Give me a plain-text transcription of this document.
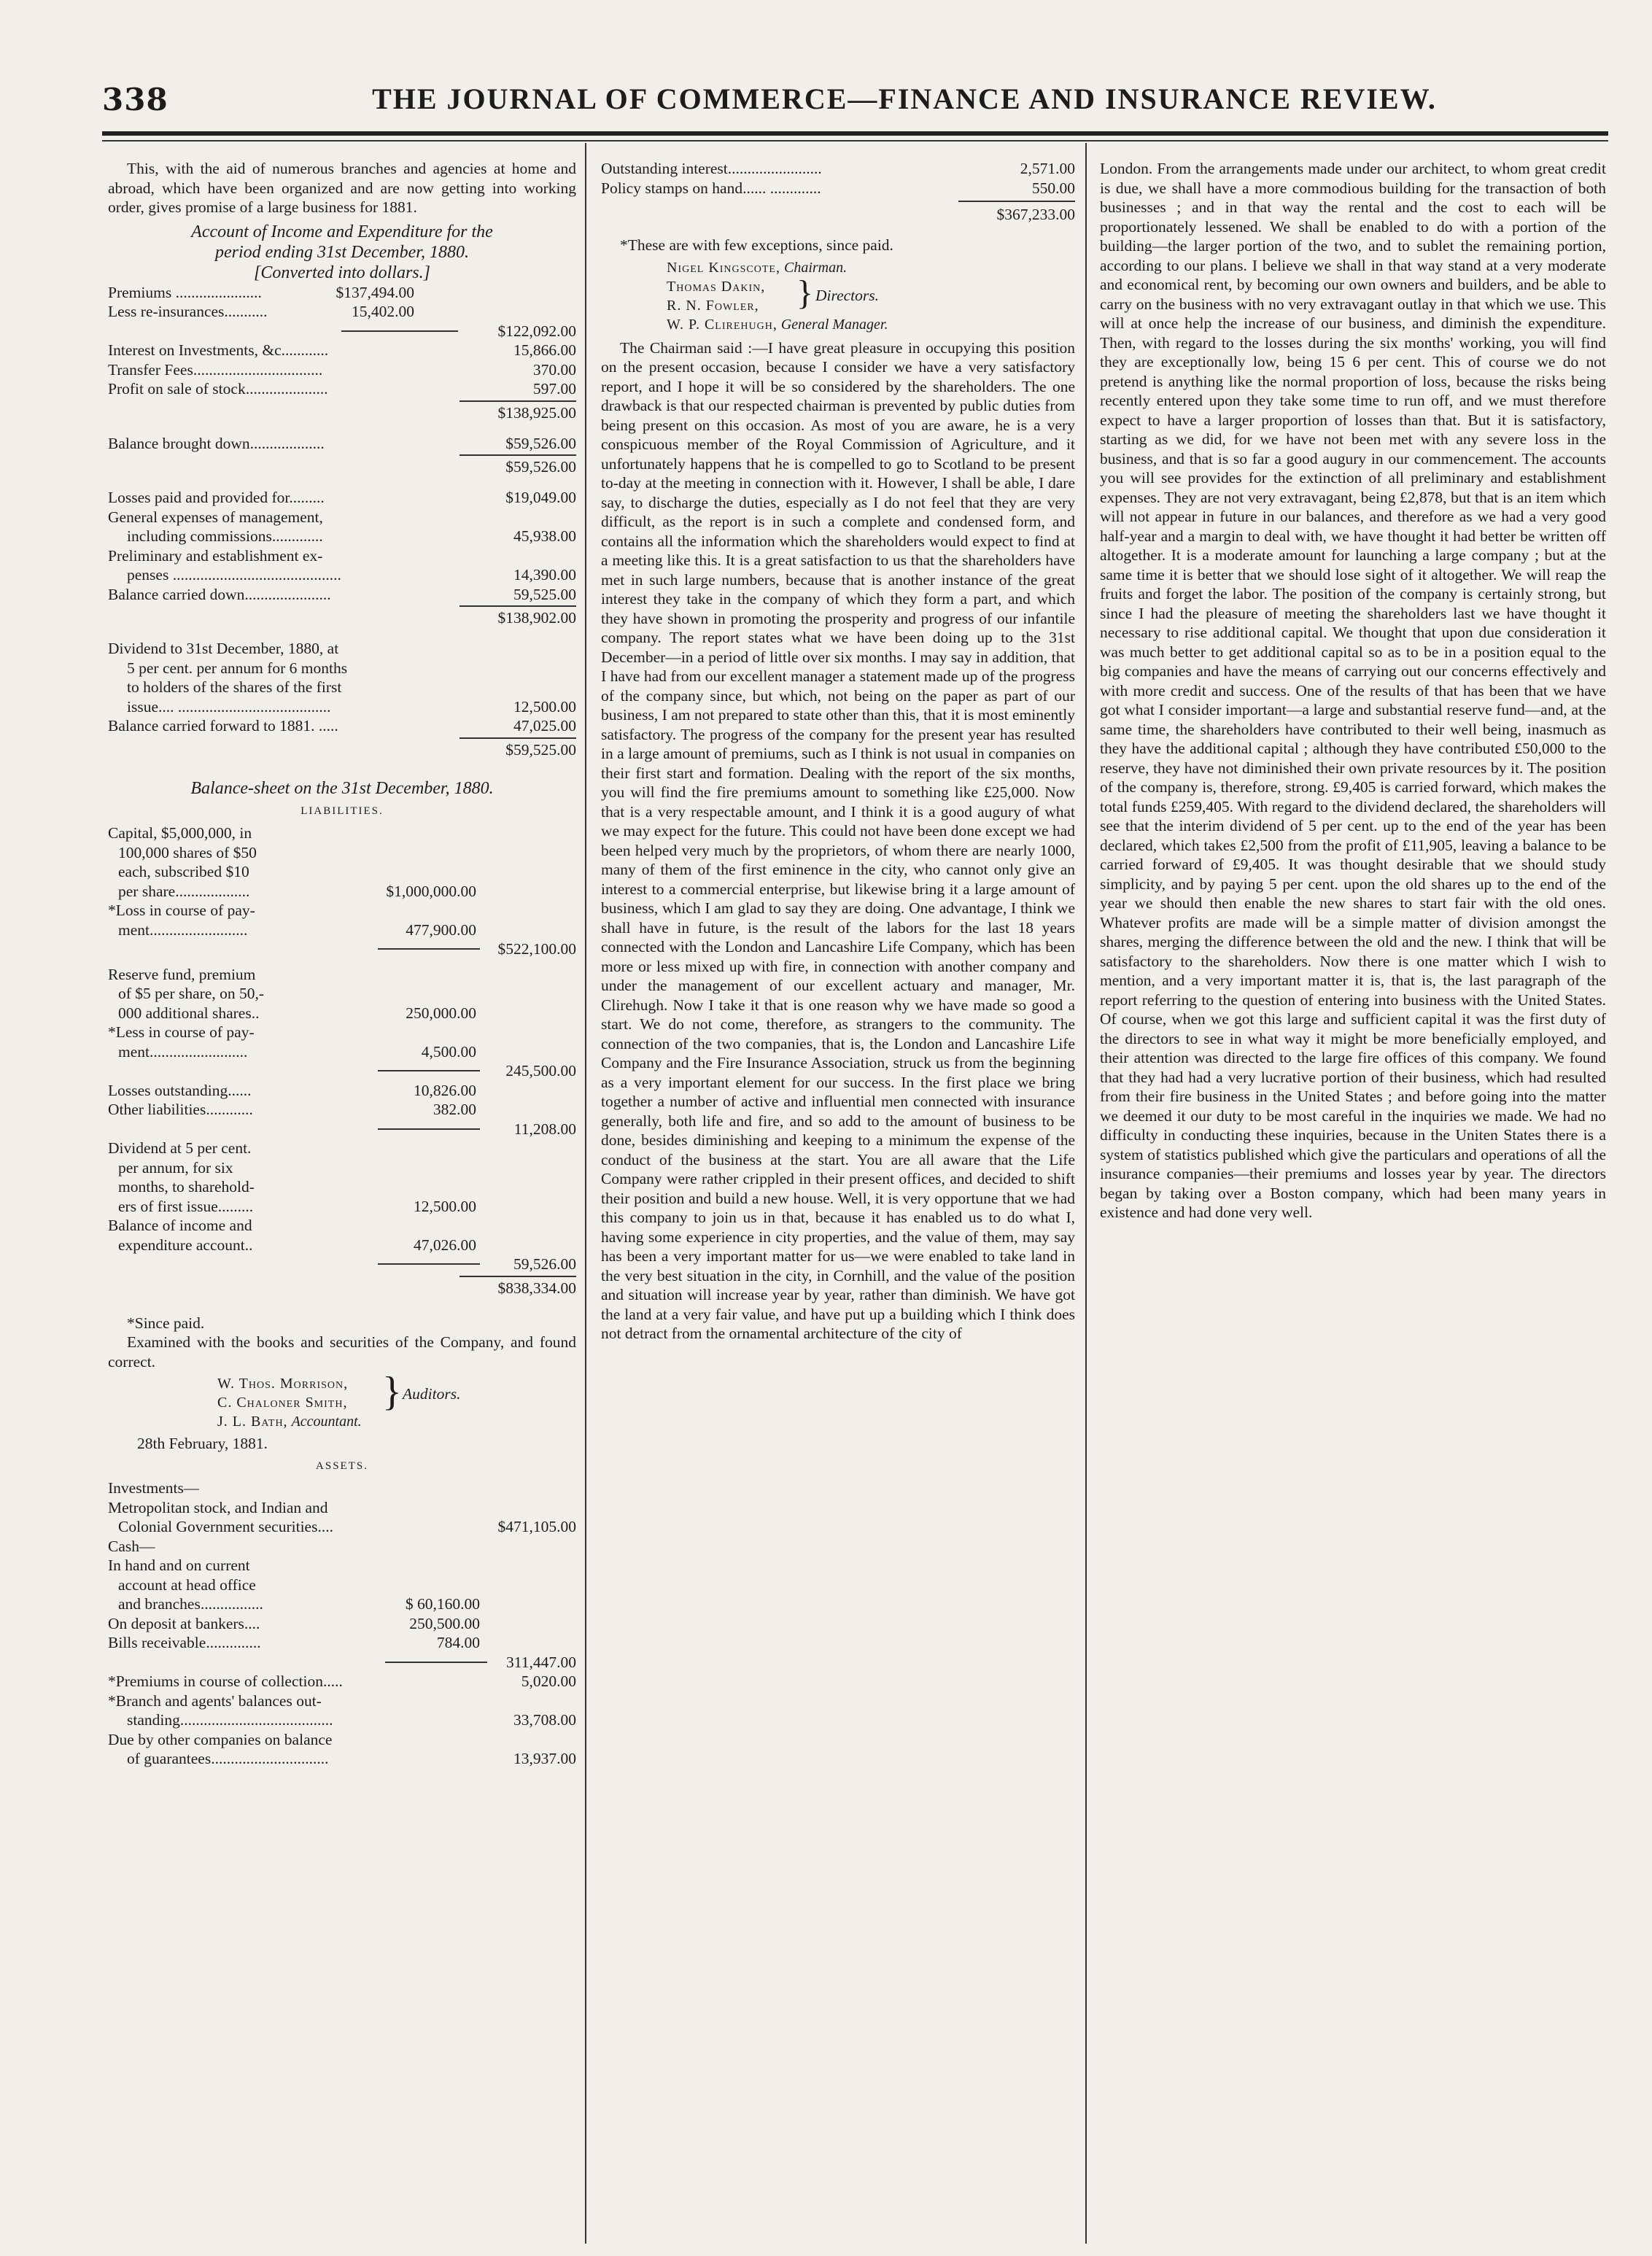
338	THE JOURNAL OF COMMERCE—FINANCE AND INSURANCE REVIEW.

This, with the aid of numerous branches and agencies at home and abroad, which have been organized and are now getting into working order, gives promise of a large business for 1881.

Account of Income and Expenditure for the
period ending 31st December, 1880.
[Converted into dollars.]
Premiums ......................	$137,494.00
Less re-insurances...........	15,402.00
$122,092.00
Interest on Investments, &c............	15,866.00
Transfer Fees.................................	370.00
Profit on sale of stock.....................	597.00
$138,925.00
Balance brought down...................	$59,526.00
$59,526.00
Losses paid and provided for.........	$19,049.00
General expenses of management,
including commissions.............	45,938.00
Preliminary and establishment ex-
penses ...........................................	14,390.00
Balance carried down......................	59,525.00
$138,902.00
Dividend to 31st December, 1880, at
5 per cent. per annum for 6 months
to holders of the shares of the first
issue.... .......................................	12,500.00
Balance carried forward to 1881. .....	47,025.00
$59,525.00
Balance-sheet on the 31st December, 1880.
LIABILITIES.
Capital, $5,000,000, in
100,000 shares of $50
each, subscribed $10
per share...................	$1,000,000.00
*Loss in course of pay-
ment.........................	477,900.00
$522,100.00
Reserve fund, premium
of $5 per share, on 50,-
000 additional shares..	250,000.00
*Less in course of pay-
ment.........................	4,500.00
245,500.00
Losses outstanding......	10,826.00
Other liabilities............	382.00
11,208.00
Dividend at 5 per cent.
per annum, for six
months, to sharehold-
ers of first issue.........	12,500.00
Balance of income and
expenditure account..	47,026.00
59,526.00
$838,334.00

*Since paid.

Examined with the books and securities of the Company, and found correct.

W. Thos. Morrison,
C. Chaloner Smith,
J. L. Bath, Accountant.
} Auditors.

28th February, 1881.

ASSETS.
Investments—
Metropolitan stock, and Indian and
Colonial Government securities....	$471,105.00
Cash—
In hand and on current
account at head office
and branches................	$ 60,160.00
On deposit at bankers....	250,500.00
Bills receivable..............	784.00
311,447.00
*Premiums in course of collection.....	5,020.00
*Branch and agents' balances out-
standing.......................................	33,708.00
Due by other companies on balance
of guarantees..............................	13,937.00
Outstanding interest........................	2,571.00
Policy stamps on hand...... .............	550.00
$367,233.00

*These are with few exceptions, since paid.

Nigel Kingscote, Chairman.
Thomas Dakin,
R. N. Fowler,
W. P. Clirehugh, General Manager.
} Directors.

The Chairman said :—I have great pleasure in occupying this position on the present occasion, because I consider we have a very satisfactory report, and I hope it will be so considered by the shareholders. The one drawback is that our respected chairman is prevented by public duties from being present on this occasion. As most of you are aware, he is a very conspicuous member of the Royal Commission of Agriculture, and it unfortunately happens that he is compelled to go to Scotland to be present to-day at the meeting in connection with it. However, I shall be able, I dare say, to discharge the duties, especially as I do not feel that they are very difficult, as the report is in such a complete and condensed form, and contains all the information which the shareholders would expect to find at a meeting like this. It is a great satisfaction to us that the shareholders have met in such large numbers, because that is another instance of the great interest they take in the company of which they form a part, and which they have shown in promoting the prosperity and progress of our infantile company. The report states what we have been doing up to the 31st December—in a period of little over six months. I may say in addition, that I have had from our excellent manager a statement made up of the progress of the company since, but which, not being on the paper as part of our business, I am not prepared to state other than this, that it is most eminently satisfactory. The progress of the company for the present year has resulted in a large amount of premiums, such as I think is not usual in companies on their first start and formation. Dealing with the report of the six months, you will find the fire premiums amount to something like £25,000. Now that is a very respectable amount, and I think it is a good augury of what we may expect for the future. This could not have been done except we had been helped very much by the proprietors, of whom there are nearly 1000, many of them of the first eminence in the city, who cannot only give an interest to a commercial enterprise, but likewise bring it a large amount of business, which I am glad to say they are doing. One advantage, I think we shall have in future, is the result of the labors for the last 18 years connected with the London and Lancashire Life Company, which has been more or less mixed up with fire, in connection with another company and under the management of our excellent actuary and manager, Mr. Clirehugh. Now I take it that is one reason why we have made so good a start. We do not come, therefore, as strangers to the community. The connection of the two companies, that is, the London and Lancashire Life Company and the Fire Insurance Association, struck us from the beginning as a very important element for our success. In the first place we bring together a number of active and influential men connected with insurance generally, both life and fire, and so add to the amount of business to be done, besides diminishing and keeping to a minimum the expense of the conduct of the business at the start. You are all aware that the Life Company were rather crippled in their present offices, and decided to shift their position and build a new house. Well, it is very opportune that we had this company to join us in that, because it has enabled us to do what I, having some experience in city properties, and the value of them, may say has been a very important matter for us—we were enabled to take land in the very best situation in the city, in Cornhill, and the value of the position and situation will increase year by year, rather than diminish. We have got the land at a very fair value, and have put up a building which I think does not detract from the ornamental architecture of the city of

London. From the arrangements made under our architect, to whom great credit is due, we shall have a more commodious building for the transaction of both businesses ; and in that way the rental and the cost to each will be proportionately lessened. We shall be enabled to do with a portion of the building—the larger portion of the two, and to sublet the remaining portion, according to our plans. I believe we shall in that way stand at a very moderate and economical rent, by becoming our own owners and builders, and be able to carry on the business with no very extravagant outlay in that which we use. This will at once help the increase of our business, and diminish the expenditure. Then, with regard to the losses during the six months' working, you will find they are exceptionally low, being 15 6 per cent. This of course we do not pretend is anything like the normal proportion of loss, because the risks being recently entered upon they take some time to run off, and we must therefore expect to have a larger proportion of losses than that. But it is satisfactory, starting as we did, for we have not been met with any severe loss in the business, and that is so far a good augury in our commencement. The accounts you will see provides for the extinction of all preliminary and establishment expenses. They are not very extravagant, being £2,878, but that is an item which will not appear in future in our balances, and therefore as we had a very good half-year and a margin to deal with, we have thought it had better be written off altogether. It is a moderate amount for launching a large company ; but at the same time it is better that we should lose sight of it altogether. We will reap the fruits and forget the labor. The position of the company is certainly strong, but since I had the pleasure of meeting the shareholders last we have thought it necessary to rise additional capital. We thought that upon due consideration it was much better to get additional capital so as to be in a position equal to the big companies and have the means of carrying out our concerns effectively and with more credit and success. One of the results of that has been that we have got what I consider important—a large and substantial reserve fund—and, at the same time, the shareholders have contributed to their well being, inasmuch as they have the additional capital ; although they have contributed £50,000 to the reserve, they have not diminished their own private resources by it. The position of the company is, therefore, strong. £9,405 is carried forward, which makes the total funds £259,405. With regard to the dividend declared, the shareholders will see that the interim dividend of 5 per cent. up to the end of the year has been declared, which takes £2,500 from the profit of £11,905, leaving a balance to be carried forward of £9,405. It was thought desirable that we should study simplicity, and by paying 5 per cent. upon the old shares up to the end of the year we should then enable the new shares to start fair with the old ones. Whatever profits are made will be a simple matter of division amongst the shares, merging the difference between the old and the new. I think that will be satisfactory to the shareholders. Now there is one matter which I wish to mention, and a very important matter it is, that is, the last paragraph of the report referring to the question of entering into business with the United States. Of course, when we got this large and sufficient capital it was the first duty of the directors to see in what way it might be more beneficially employed, and their attention was directed to the large fire offices of this company. We found that they had had a very lucrative portion of their business, which had resulted from their fire business in the United States ; and before going into the matter we deemed it our duty to be most careful in the inquiries we made. We had no difficulty in conducting these inquiries, because in the Uniten States there is a system of statistics published which give the particulars and operations of all the insurance companies—their premiums and losses year by year. The directors began by taking over a Boston company, which had been many years in existence and had done very well.
